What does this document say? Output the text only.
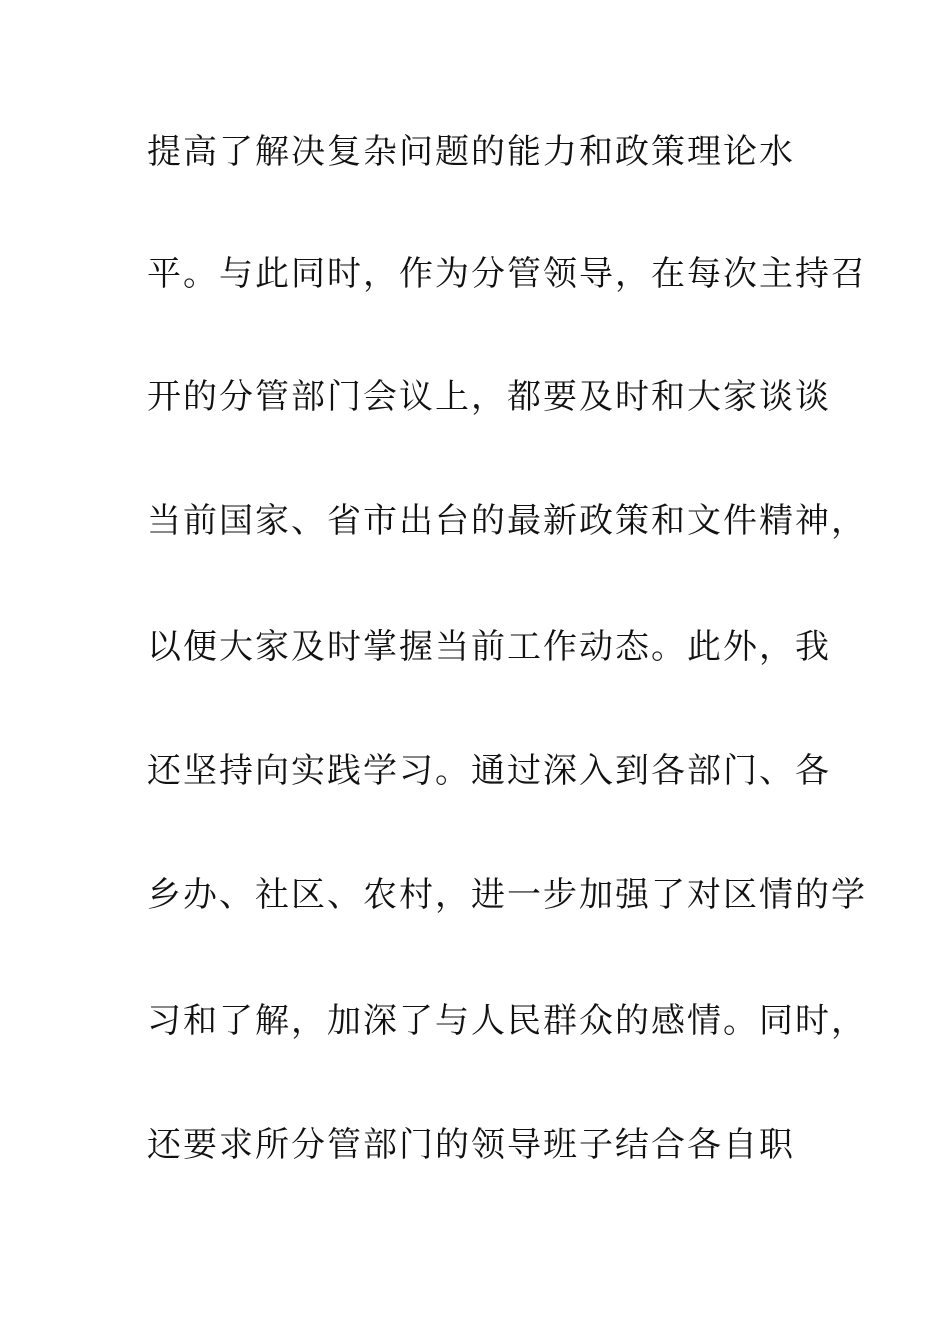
提高了解决复杂问题的能力和政策理论水
平。与此同时，作为分管领导，在每次主持召
开的分管部门会议上，都要及时和大家谈谈
当前国家、省市出台的最新政策和文件精神，
以便大家及时掌握当前工作动态。此外，我
还坚持向实践学习。通过深入到各部门、各
乡办、社区、农村，进一步加强了对区情的学
习和了解，加深了与人民群众的感情。同时，
还要求所分管部门的领导班子结合各自职
